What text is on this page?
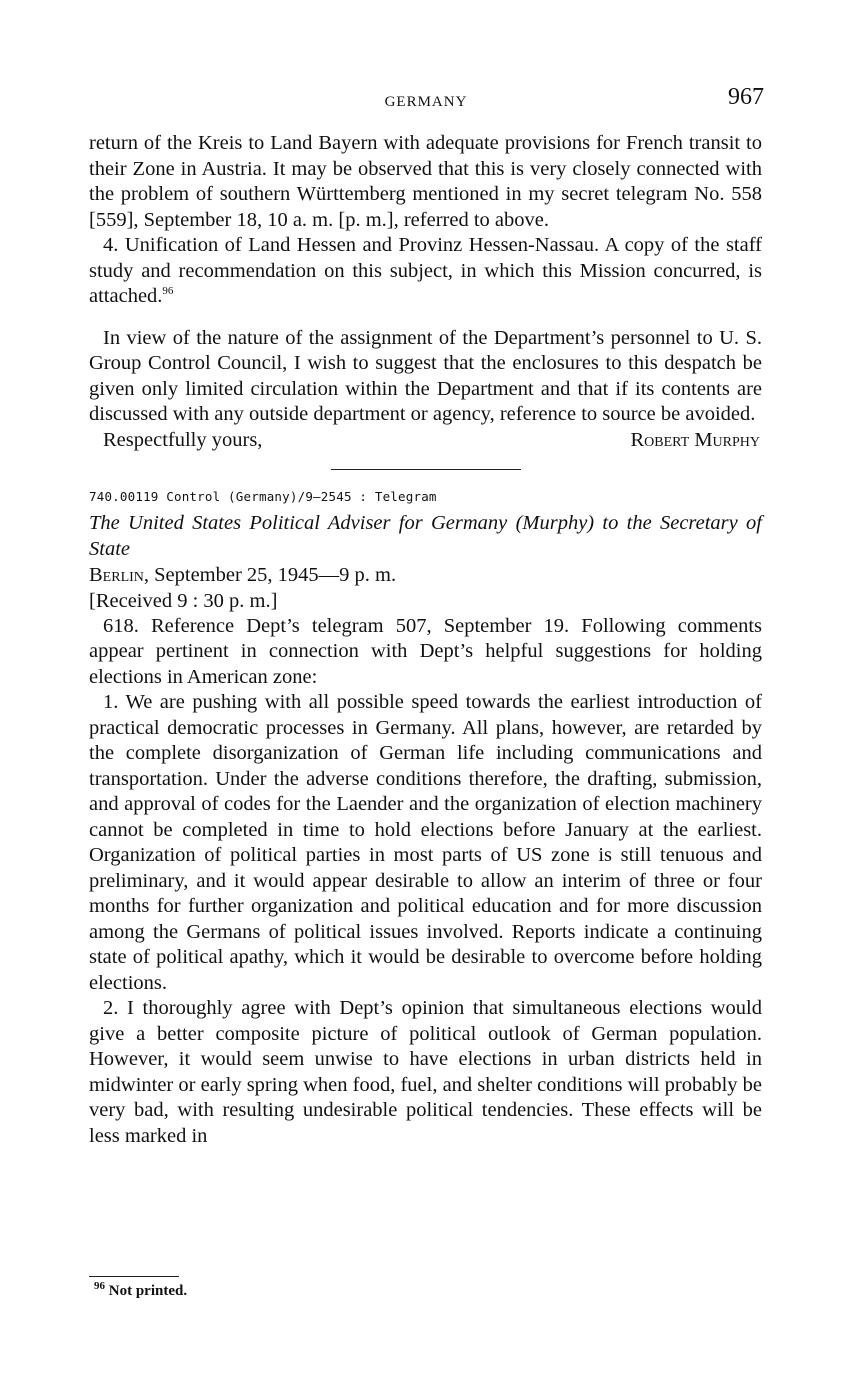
GERMANY	967

return of the Kreis to Land Bayern with adequate provisions for French transit to their Zone in Austria. It may be observed that this is very closely connected with the problem of southern Württemberg mentioned in my secret telegram No. 558 [559], September 18, 10 a. m. [p. m.], referred to above.

4. Unification of Land Hessen and Provinz Hessen-Nassau. A copy of the staff study and recommendation on this subject, in which this Mission concurred, is attached.$^{96}$

In view of the nature of the assignment of the Department’s personnel to U. S. Group Control Council, I wish to suggest that the enclosures to this despatch be given only limited circulation within the Department and that if its contents are discussed with any outside department or agency, reference to source be avoided.

Respectfully yours,	Robert Murphy

740.00119 Control (Germany)/9–2545 : Telegram

The United States Political Adviser for Germany (Murphy) to the Secretary of State

Berlin, September 25, 1945—9 p. m.

[Received 9 : 30 p. m.]

618. Reference Dept’s telegram 507, September 19. Following comments appear pertinent in connection with Dept’s helpful suggestions for holding elections in American zone:

1. We are pushing with all possible speed towards the earliest introduction of practical democratic processes in Germany. All plans, however, are retarded by the complete disorganization of German life including communications and transportation. Under the adverse conditions therefore, the drafting, submission, and approval of codes for the Laender and the organization of election machinery cannot be completed in time to hold elections before January at the earliest. Organization of political parties in most parts of US zone is still tenuous and preliminary, and it would appear desirable to allow an interim of three or four months for further organization and political education and for more discussion among the Germans of political issues involved. Reports indicate a continuing state of political apathy, which it would be desirable to overcome before holding elections.

2. I thoroughly agree with Dept’s opinion that simultaneous elections would give a better composite picture of political outlook of German population. However, it would seem unwise to have elections in urban districts held in midwinter or early spring when food, fuel, and shelter conditions will probably be very bad, with resulting undesirable political tendencies. These effects will be less marked in

$^{96}$ Not printed.
